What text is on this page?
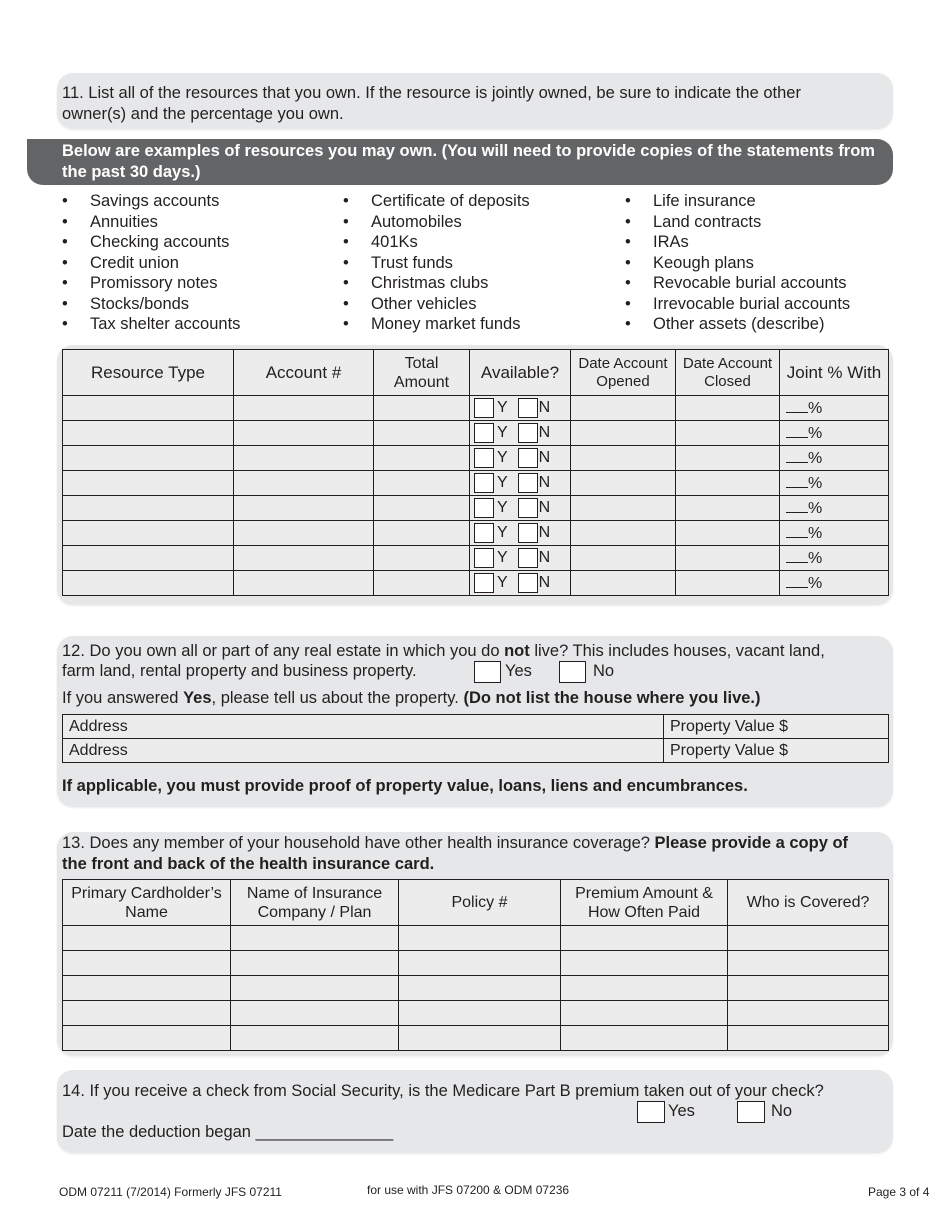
11. List all of the resources that you own. If the resource is jointly owned, be sure to indicate the other owner(s) and the percentage you own.
Below are examples of resources you may own. (You will need to provide copies of the statements from the past 30 days.)
• Savings accounts
• Annuities
• Checking accounts
• Credit union
• Promissory notes
• Stocks/bonds
• Tax shelter accounts
• Certificate of deposits
• Automobiles
• 401Ks
• Trust funds
• Christmas clubs
• Other vehicles
• Money market funds
• Life insurance
• Land contracts
• IRAs
• Keough plans
• Revocable burial accounts
• Irrevocable burial accounts
• Other assets (describe)
Resource Type	Account #	Total Amount	Available?	Date Account Opened	Date Account Closed	Joint % With

			Y N			%

			Y N			%

			Y N			%

			Y N			%

			Y N			%

			Y N			%

			Y N			%

			Y N			%
12. Do you own all or part of any real estate in which you do not live? This includes houses, vacant land,
farm land, rental property and business property.	Yes	No
If you answered Yes, please tell us about the property. (Do not list the house where you live.)
Address	Property Value $
Address	Property Value $
If applicable, you must provide proof of property value, loans, liens and encumbrances.
13. Does any member of your household have other health insurance coverage? Please provide a copy of
the front and back of the health insurance card.
Primary Cardholder’s Name	Name of Insurance Company / Plan	Policy #	Premium Amount & How Often Paid	Who is Covered?

14. If you receive a check from Social Security, is the Medicare Part B premium taken out of your check?
Yes	No
Date the deduction began _______________
ODM 07211 (7/2014) Formerly JFS 07211	for use with JFS 07200 & ODM 07236	Page 3 of 4
